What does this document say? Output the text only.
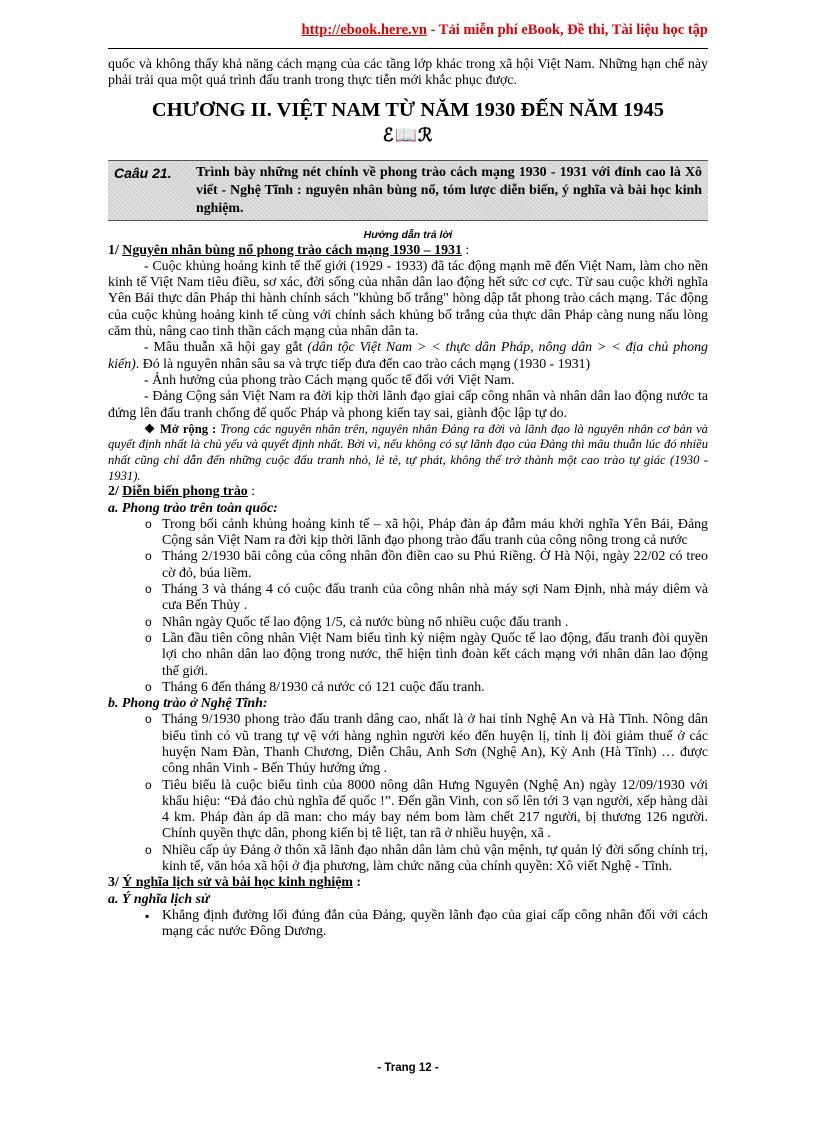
http://ebook.here.vn - Tải miễn phí eBook, Đề thi, Tài liệu học tập

quốc và không thấy khả năng cách mạng của các tầng lớp khác trong xã hội Việt Nam. Những hạn chế này phải trải qua một quá trình đấu tranh trong thực tiễn mới khắc phục được.

CHƯƠNG II. VIỆT NAM TỪ NĂM 1930 ĐẾN NĂM 1945
ℰ📖ℛ
Caâu 21.	Trình bày những nét chính về phong trào cách mạng 1930 - 1931 với đỉnh cao là Xô viết - Nghệ Tĩnh : nguyên nhân bùng nổ, tóm lược diễn biến, ý nghĩa và bài học kinh nghiệm.
Hướng dẫn trả lời

1/ Nguyên nhân bùng nổ phong trào cách mạng 1930 – 1931 :

- Cuộc khủng hoảng kinh tế thế giới (1929 - 1933) đã tác động mạnh mẽ đến Việt Nam, làm cho nền kinh tế Việt Nam tiêu điều, sơ xác, đời sống của nhân dân lao động hết sức cơ cực. Từ sau cuộc khởi nghĩa Yên Bái thực dân Pháp thi hành chính sách "khủng bố trắng" hòng dập tắt phong trào cách mạng. Tác động của cuộc khủng hoảng kinh tế cùng với chính sách khủng bố trắng của thực dân Pháp càng nung nấu lòng căm thù, nâng cao tinh thần cách mạng của nhân dân ta.

- Mâu thuẫn xã hội gay gắt (dân tộc Việt Nam > < thực dân Pháp, nông dân > < địa chủ phong kiến). Đó là nguyên nhân sâu sa và trực tiếp đưa đến cao trào cách mạng (1930 - 1931)

- Ảnh hưởng của phong trào Cách mạng quốc tế đối với Việt Nam.

- Đảng Cộng sản Việt Nam ra đời kịp thời lãnh đạo giai cấp công nhân và nhân dân lao động nước ta đứng lên đấu tranh chống đế quốc Pháp và phong kiến tay sai, giành độc lập tự do.

❖ Mở rộng : Trong các nguyên nhân trên, nguyên nhân Đảng ra đời và lãnh đạo là nguyên nhân cơ bản và quyết định nhất là chủ yếu và quyết định nhất. Bởi vì, nếu không có sự lãnh đạo của Đảng thì mâu thuẫn lúc đó nhiều nhất cũng chỉ dẫn đến những cuộc đấu tranh nhỏ, lẻ tẻ, tự phát, không thể trở thành một cao trào tự giác (1930 - 1931).

2/ Diễn biến phong trào :

a. Phong trào trên toàn quốc:

o Trong bối cảnh khủng hoảng kinh tế – xã hội, Pháp đàn áp đẫm máu khởi nghĩa Yên Bái, Đảng Cộng sản Việt Nam ra đời kịp thời lãnh đạo phong trào đấu tranh của công nông trong cả nước
o Tháng 2/1930 bãi công của công nhân đồn điền cao su Phú Riềng. Ở Hà Nội, ngày 22/02 có treo cờ đỏ, búa liềm.
o Tháng 3 và tháng 4 có cuộc đấu tranh của công nhân nhà máy sợi Nam Định, nhà máy diêm và cưa Bến Thủy .
o Nhân ngày Quốc tế lao động 1/5, cả nước bùng nổ nhiều cuộc đấu tranh .
o Lần đầu tiên công nhân Việt Nam biểu tình kỷ niệm ngày Quốc tế lao động, đấu tranh đòi quyền lợi cho nhân dân lao động trong nước, thể hiện tình đoàn kết cách mạng với nhân dân lao động thế giới.
o Tháng 6 đến tháng 8/1930 cả nước có 121 cuộc đấu tranh.

b. Phong trào ở Nghệ Tĩnh:

o Tháng 9/1930 phong trào đấu tranh dâng cao, nhất là ở hai tỉnh Nghệ An và Hà Tĩnh. Nông dân biểu tình có vũ trang tự vệ với hàng nghìn người kéo đến huyện lị, tỉnh lị đòi giảm thuế ở các huyện Nam Đàn, Thanh Chương, Diễn Châu, Anh Sơn (Nghệ An), Kỳ Anh (Hà Tĩnh) … được công nhân Vinh - Bến Thủy hưởng ứng .
o Tiêu biểu là cuộc biểu tình của 8000 nông dân Hưng Nguyên (Nghệ An) ngày 12/09/1930 với khẩu hiệu: “Đả đảo chủ nghĩa đế quốc !”. Đến gần Vinh, con số lên tới 3 vạn người, xếp hàng dài 4 km. Pháp đàn áp dã man: cho máy bay ném bom làm chết 217 người, bị thương 126 người. Chính quyền thực dân, phong kiến bị tê liệt, tan rã ở nhiều huyện, xã .
o Nhiều cấp ủy Đảng ở thôn xã lãnh đạo nhân dân làm chủ vận mệnh, tự quản lý đời sống chính trị, kinh tế, văn hóa xã hội ở địa phương, làm chức năng của chính quyền: Xô viết Nghệ - Tĩnh.

3/ Ý nghĩa lịch sử và bài học kinh nghiệm :

a. Ý nghĩa lịch sử

▪ Khẳng định đường lối đúng đắn của Đảng, quyền lãnh đạo của giai cấp công nhân đối với cách mạng các nước Đông Dương.
- Trang 12 -
